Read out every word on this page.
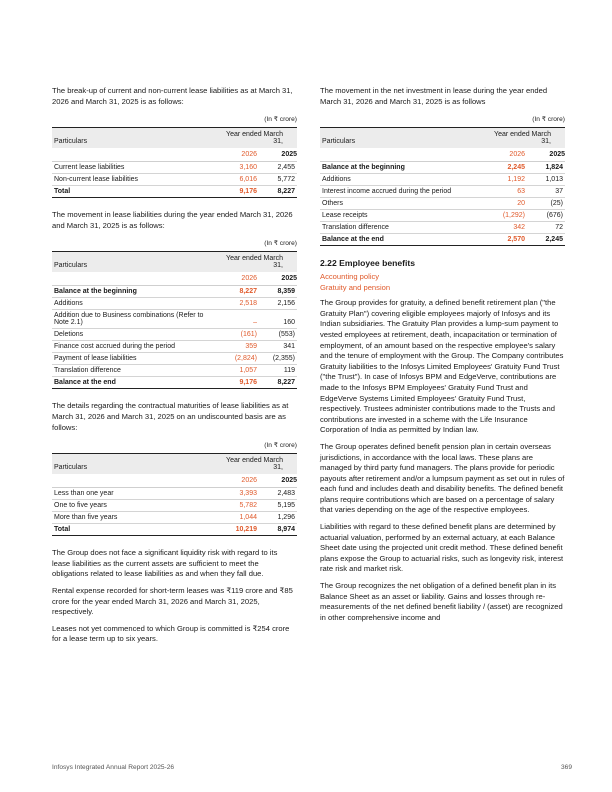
The break-up of current and non-current lease liabilities as at March 31, 2026 and March 31, 2025 is as follows:

(In ₹ crore)
Particulars	Year ended March 31,	
	2026	2025
Current lease liabilities	3,160	2,455
Non-current lease liabilities	6,016	5,772
Total	9,176	8,227

The movement in lease liabilities during the year ended March 31, 2026 and March 31, 2025 is as follows:

(In ₹ crore)
Particulars	Year ended March 31,	
	2026	2025
Balance at the beginning	8,227	8,359
Additions	2,518	2,156
Addition due to Business combinations (Refer to Note 2.1)	–	160
Deletions	(161)	(553)
Finance cost accrued during the period	359	341
Payment of lease liabilities	(2,824)	(2,355)
Translation difference	1,057	119
Balance at the end	9,176	8,227

The details regarding the contractual maturities of lease liabilities as at March 31, 2026 and March 31, 2025 on an undiscounted basis are as follows:

(In ₹ crore)
Particulars	Year ended March 31,	
	2026	2025
Less than one year	3,393	2,483
One to five years	5,782	5,195
More than five years	1,044	1,296
Total	10,219	8,974

The Group does not face a significant liquidity risk with regard to its lease liabilities as the current assets are sufficient to meet the obligations related to lease liabilities as and when they fall due.

Rental expense recorded for short-term leases was ₹119 crore and ₹85 crore for the year ended March 31, 2026 and March 31, 2025, respectively.

Leases not yet commenced to which Group is committed is ₹254 crore for a lease term up to six years.

The movement in the net investment in lease during the year ended March 31, 2026 and March 31, 2025 is as follows

(In ₹ crore)
Particulars	Year ended March 31,	
	2026	2025
Balance at the beginning	2,245	1,824
Additions	1,192	1,013
Interest income accrued during the period	63	37
Others	20	(25)
Lease receipts	(1,292)	(676)
Translation difference	342	72
Balance at the end	2,570	2,245
2.22 Employee benefits
Accounting policy
Gratuity and pension

The Group provides for gratuity, a defined benefit retirement plan ("the Gratuity Plan") covering eligible employees majorly of Infosys and its Indian subsidiaries. The Gratuity Plan provides a lump-sum payment to vested employees at retirement, death, incapacitation or termination of employment, of an amount based on the respective employee's salary and the tenure of employment with the Group. The Company contributes Gratuity liabilities to the Infosys Limited Employees' Gratuity Fund Trust ("the Trust"). In case of Infosys BPM and EdgeVerve, contributions are made to the Infosys BPM Employees' Gratuity Fund Trust and EdgeVerve Systems Limited Employees' Gratuity Fund Trust, respectively. Trustees administer contributions made to the Trusts and contributions are invested in a scheme with the Life Insurance Corporation of India as permitted by Indian law.

The Group operates defined benefit pension plan in certain overseas jurisdictions, in accordance with the local laws. These plans are managed by third party fund managers. The plans provide for periodic payouts after retirement and/or a lumpsum payment as set out in rules of each fund and includes death and disability benefits. The defined benefit plans require contributions which are based on a percentage of salary that varies depending on the age of the respective employees.

Liabilities with regard to these defined benefit plans are determined by actuarial valuation, performed by an external actuary, at each Balance Sheet date using the projected unit credit method. These defined benefit plans expose the Group to actuarial risks, such as longevity risk, interest rate risk and market risk.

The Group recognizes the net obligation of a defined benefit plan in its Balance Sheet as an asset or liability. Gains and losses through re-measurements of the net defined benefit liability / (asset) are recognized in other comprehensive income and

Infosys Integrated Annual Report 2025-26	369
